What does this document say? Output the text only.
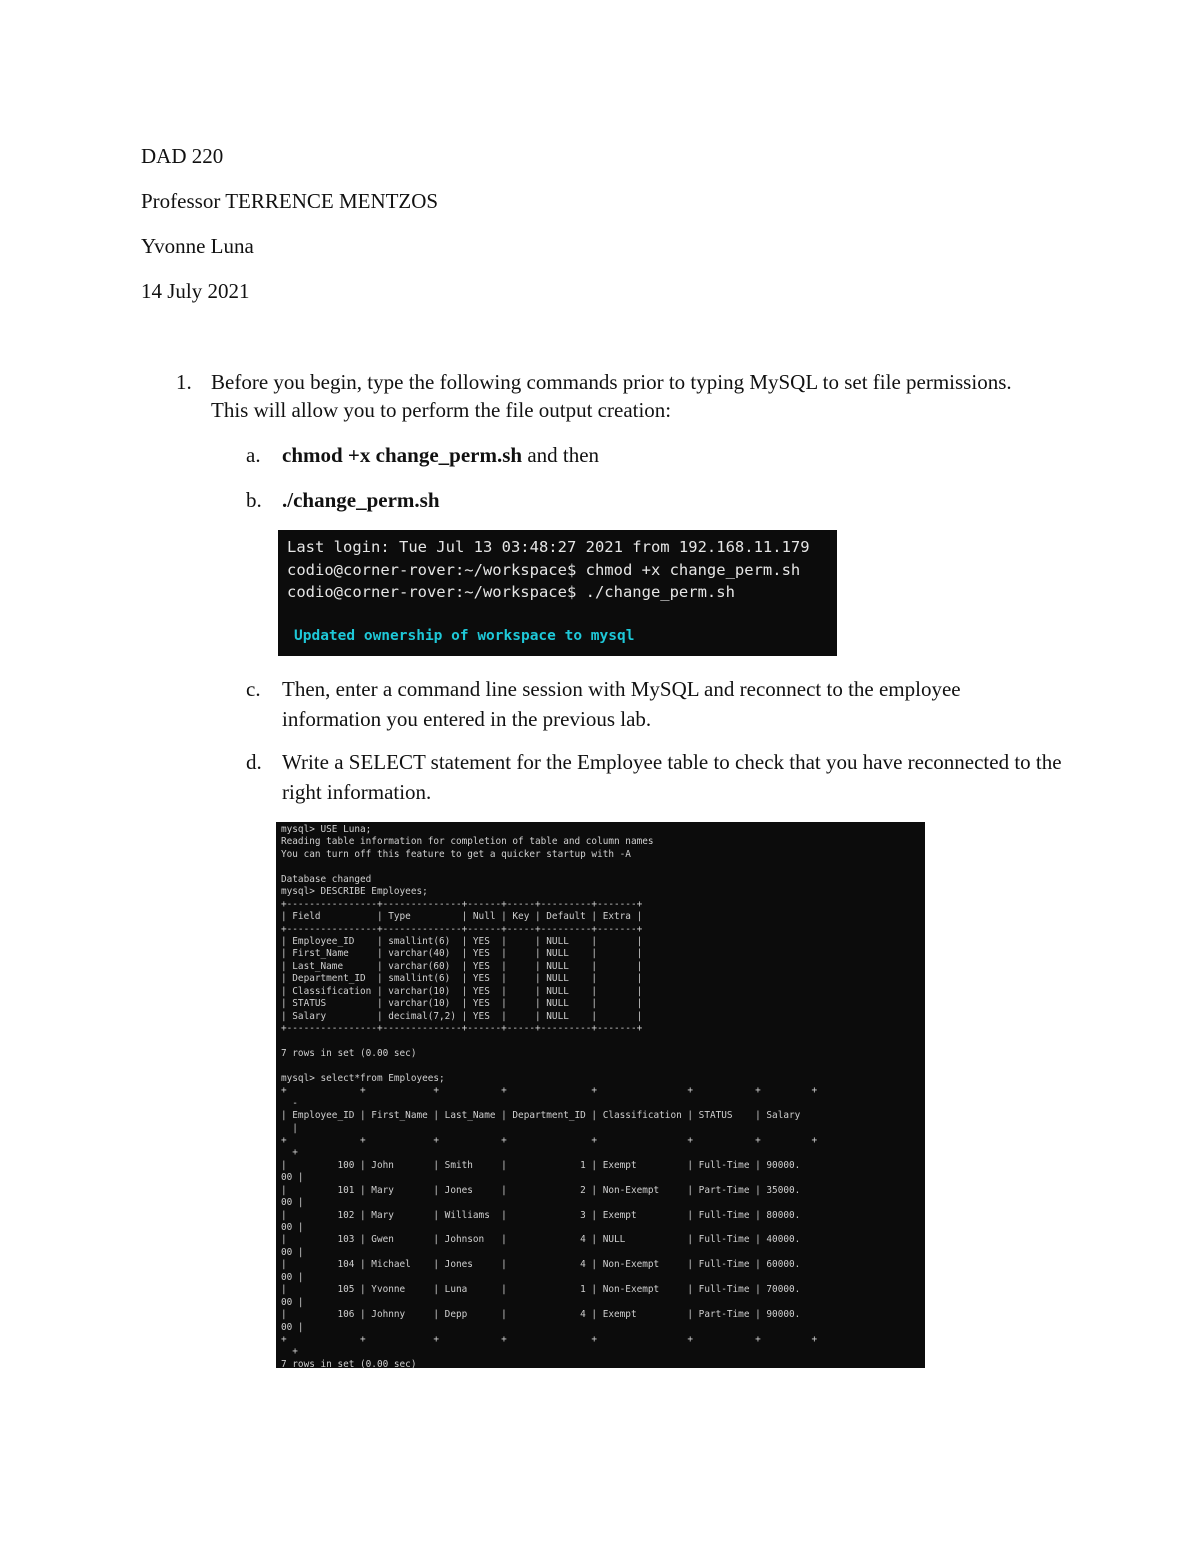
DAD 220

Professor TERRENCE MENTZOS

Yvonne Luna

14 July 2021

1. Before you begin, type the following commands prior to typing MySQL to set file permissions. This will allow you to perform the file output creation:
a. chmod +x change_perm.sh and then
b. ./change_perm.sh
Last login: Tue Jul 13 03:48:27 2021 from 192.168.11.179
codio@corner-rover:~/workspace$ chmod +x change_perm.sh
codio@corner-rover:~/workspace$ ./change_perm.sh
Updated ownership of workspace to mysql
c. Then, enter a command line session with MySQL and reconnect to the employee information you entered in the previous lab.
d. Write a SELECT statement for the Employee table to check that you have reconnected to the right information.
mysql> USE Luna;
Reading table information for completion of table and column names
You can turn off this feature to get a quicker startup with -A
Database changed
mysql> DESCRIBE Employees;
+----------------+--------------+------+-----+---------+-------+
| Field          | Type         | Null | Key | Default | Extra |
+----------------+--------------+------+-----+---------+-------+
| Employee_ID    | smallint(6)  | YES  |     | NULL    |       |
| First_Name     | varchar(40)  | YES  |     | NULL    |       |
| Last_Name      | varchar(60)  | YES  |     | NULL    |       |
| Department_ID  | smallint(6)  | YES  |     | NULL    |       |
| Classification | varchar(10)  | YES  |     | NULL    |       |
| STATUS         | varchar(10)  | YES  |     | NULL    |       |
| Salary         | decimal(7,2) | YES  |     | NULL    |       |
+----------------+--------------+------+-----+---------+-------+
7 rows in set (0.00 sec)
mysql> select*from Employees;
+             +            +           +               +                +           +         +
-
| Employee_ID | First_Name | Last_Name | Department_ID | Classification | STATUS    | Salary
|
+             +            +           +               +                +           +         +
+
|         100 | John       | Smith     |             1 | Exempt         | Full-Time | 90000.
00 |
|         101 | Mary       | Jones     |             2 | Non-Exempt     | Part-Time | 35000.
00 |
|         102 | Mary       | Williams  |             3 | Exempt         | Full-Time | 80000.
00 |
|         103 | Gwen       | Johnson   |             4 | NULL           | Full-Time | 40000.
00 |
|         104 | Michael    | Jones     |             4 | Non-Exempt     | Full-Time | 60000.
00 |
|         105 | Yvonne     | Luna      |             1 | Non-Exempt     | Full-Time | 70000.
00 |
|         106 | Johnny     | Depp      |             4 | Exempt         | Part-Time | 90000.
00 |
+             +            +           +               +                +           +         +
+
7 rows in set (0.00 sec)
